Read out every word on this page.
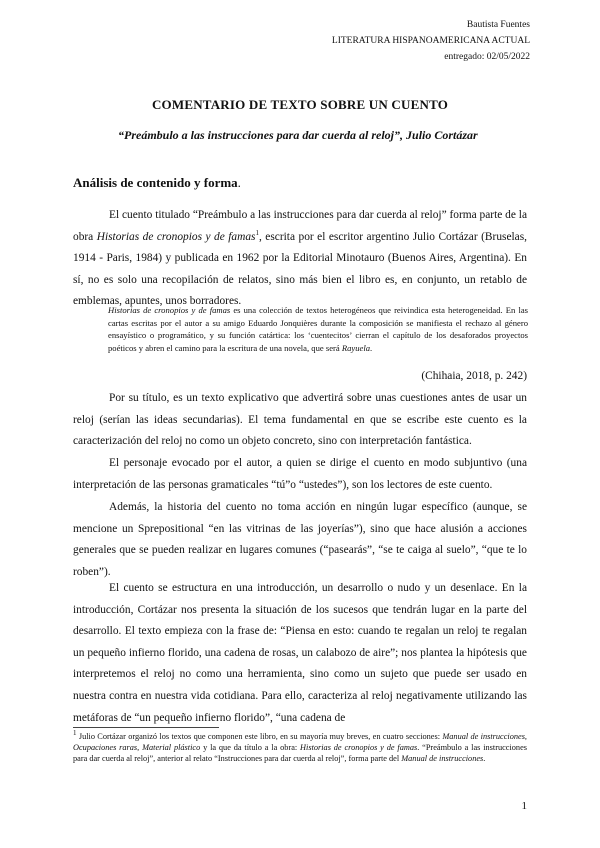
Bautista Fuentes
LITERATURA HISPANOAMERICANA ACTUAL
entregado: 02/05/2022
COMENTARIO DE TEXTO SOBRE UN CUENTO
“Preámbulo a las instrucciones para dar cuerda al reloj”, Julio Cortázar
Análisis de contenido y forma.

El cuento titulado “Preámbulo a las instrucciones para dar cuerda al reloj” forma parte de la obra Historias de cronopios y de famas$^1$, escrita por el escritor argentino Julio Cortázar (Bruselas, 1914 - Paris, 1984) y publicada en 1962 por la Editorial Minotauro (Buenos Aires, Argentina). En sí, no es solo una recopilación de relatos, sino más bien el libro es, en conjunto, un retablo de emblemas, apuntes, unos borradores.

Historias de cronopios y de famas es una colección de textos heterogéneos que reivindica esta heterogeneidad. En las cartas escritas por el autor a su amigo Eduardo Jonquières durante la composición se manifiesta el rechazo al género ensayístico o programático, y su función catártica: los ‘cuentecitos’ cierran el capítulo de los desaforados proyectos poéticos y abren el camino para la escritura de una novela, que será Rayuela.

(Chihaia, 2018, p. 242)

Por su título, es un texto explicativo que advertirá sobre unas cuestiones antes de usar un reloj (serían las ideas secundarias). El tema fundamental en que se escribe este cuento es la caracterización del reloj no como un objeto concreto, sino con interpretación fantástica.

El personaje evocado por el autor, a quien se dirige el cuento en modo subjuntivo (una interpretación de las personas gramaticales “tú”o “ustedes”), son los lectores de este cuento.

Además, la historia del cuento no toma acción en ningún lugar específico (aunque, se mencione un Sprepositional “en las vitrinas de las joyerías”), sino que hace alusión a acciones generales que se pueden realizar en lugares comunes (“pasearás”, “se te caiga al suelo”, “que te lo roben”).

El cuento se estructura en una introducción, un desarrollo o nudo y un desenlace. En la introducción, Cortázar nos presenta la situación de los sucesos que tendrán lugar en la parte del desarrollo. El texto empieza con la frase de: “Piensa en esto: cuando te regalan un reloj te regalan un pequeño infierno florido, una cadena de rosas, un calabozo de aire”; nos plantea la hipótesis que interpretemos el reloj no como una herramienta, sino como un sujeto que puede ser usado en nuestra contra en nuestra vida cotidiana. Para ello, caracteriza al reloj negativamente utilizando las metáforas de “un pequeño infierno florido”, “una cadena de

$^1$ Julio Cortázar organizó los textos que componen este libro, en su mayoría muy breves, en cuatro secciones: Manual de instrucciones, Ocupaciones raras, Material plástico y la que da título a la obra: Historias de cronopios y de famas. “Preámbulo a las instrucciones para dar cuerda al reloj”, anterior al relato “Instrucciones para dar cuerda al reloj”, forma parte del Manual de instrucciones.

1
